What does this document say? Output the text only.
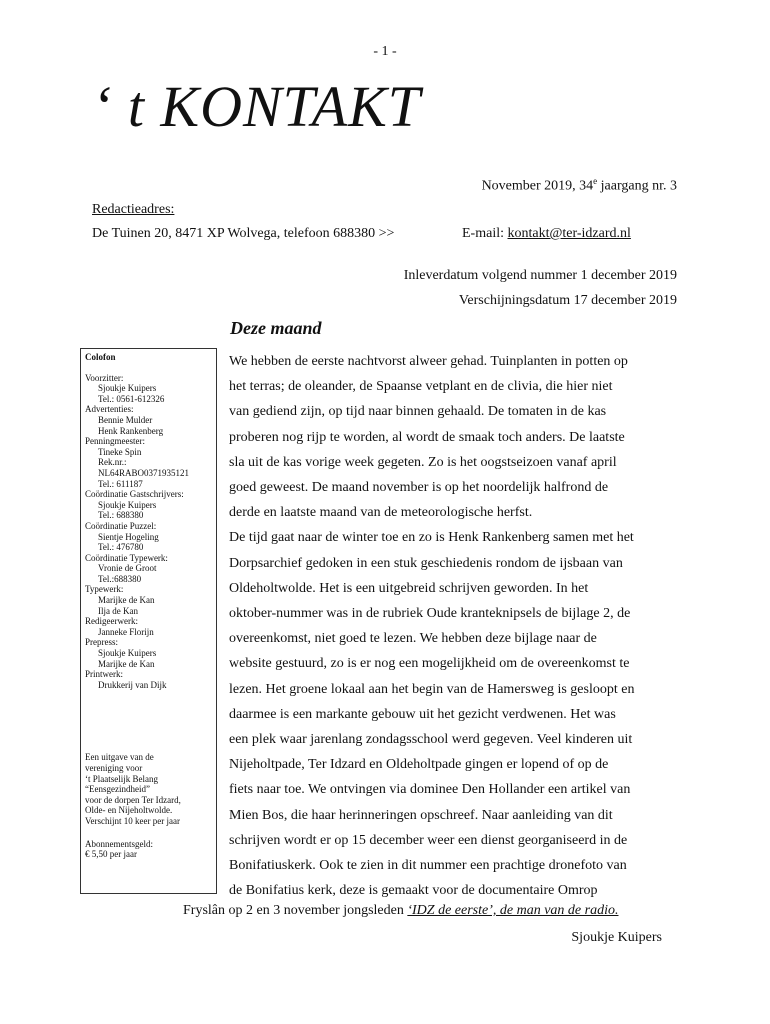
- 1 -
‘ t KONTAKT
November 2019, 34e jaargang nr. 3
Redactieadres:
De Tuinen 20, 8471 XP Wolvega, telefoon 688380 >>	E-mail: kontakt@ter-idzard.nl
Inleverdatum volgend nummer 1 december 2019
Verschijningsdatum 17 december 2019
Deze maand
Colofon
Voorzitter:
Sjoukje Kuipers
Tel.: 0561-612326
Advertenties:
Bennie Mulder
Henk Rankenberg
Penningmeester:
Tineke Spin
Rek.nr.:
NL64RABO0371935121
Tel.: 611187
Coördinatie Gastschrijvers:
Sjoukje Kuipers
Tel.: 688380
Coördinatie Puzzel:
Sientje Hogeling
Tel.: 476780
Coördinatie Typewerk:
Vronie de Groot
Tel.:688380
Typewerk:
Marijke de Kan
Ilja de Kan
Redigeerwerk:
Janneke Florijn
Prepress:
Sjoukje Kuipers
Marijke de Kan
Printwerk:
Drukkerij van Dijk
Een uitgave van de
vereniging voor
‘t Plaatselijk Belang
“Eensgezindheid”
voor de dorpen Ter Idzard,
Olde- en Nijeholtwolde.
Verschijnt 10 keer per jaar
Abonnementsgeld:
€ 5,50 per jaar
We hebben de eerste nachtvorst alweer gehad. Tuinplanten in potten op
het terras; de oleander, de Spaanse vetplant en de clivia, die hier niet
van gediend zijn, op tijd naar binnen gehaald. De tomaten in de kas
proberen nog rijp te worden, al wordt de smaak toch anders. De laatste
sla uit de kas vorige week gegeten. Zo is het oogstseizoen vanaf april
goed geweest. De maand november is op het noordelijk halfrond de
derde en laatste maand van de meteorologische herfst.
De tijd gaat naar de winter toe en zo is Henk Rankenberg samen met het
Dorpsarchief gedoken in een stuk geschiedenis rondom de ijsbaan van
Oldeholtwolde. Het is een uitgebreid schrijven geworden. In het
oktober-nummer was in de rubriek Oude kranteknipsels de bijlage 2, de
overeenkomst, niet goed te lezen. We hebben deze bijlage naar de
website gestuurd, zo is er nog een mogelijkheid om de overeenkomst te
lezen. Het groene lokaal aan het begin van de Hamersweg is gesloopt en
daarmee is een markante gebouw uit het gezicht verdwenen. Het was
een plek waar jarenlang zondagsschool werd gegeven. Veel kinderen uit
Nijeholtpade, Ter Idzard en Oldeholtpade gingen er lopend of op de
fiets naar toe. We ontvingen via dominee Den Hollander een artikel van
Mien Bos, die haar herinneringen opschreef. Naar aanleiding van dit
schrijven wordt er op 15 december weer een dienst georganiseerd in de
Bonifatiuskerk. Ook te zien in dit nummer een prachtige dronefoto van
de Bonifatius kerk, deze is gemaakt voor de documentaire Omrop
Fryslân op 2 en 3 november jongsleden ‘IDZ de eerste’, de man van de radio.
Sjoukje Kuipers
